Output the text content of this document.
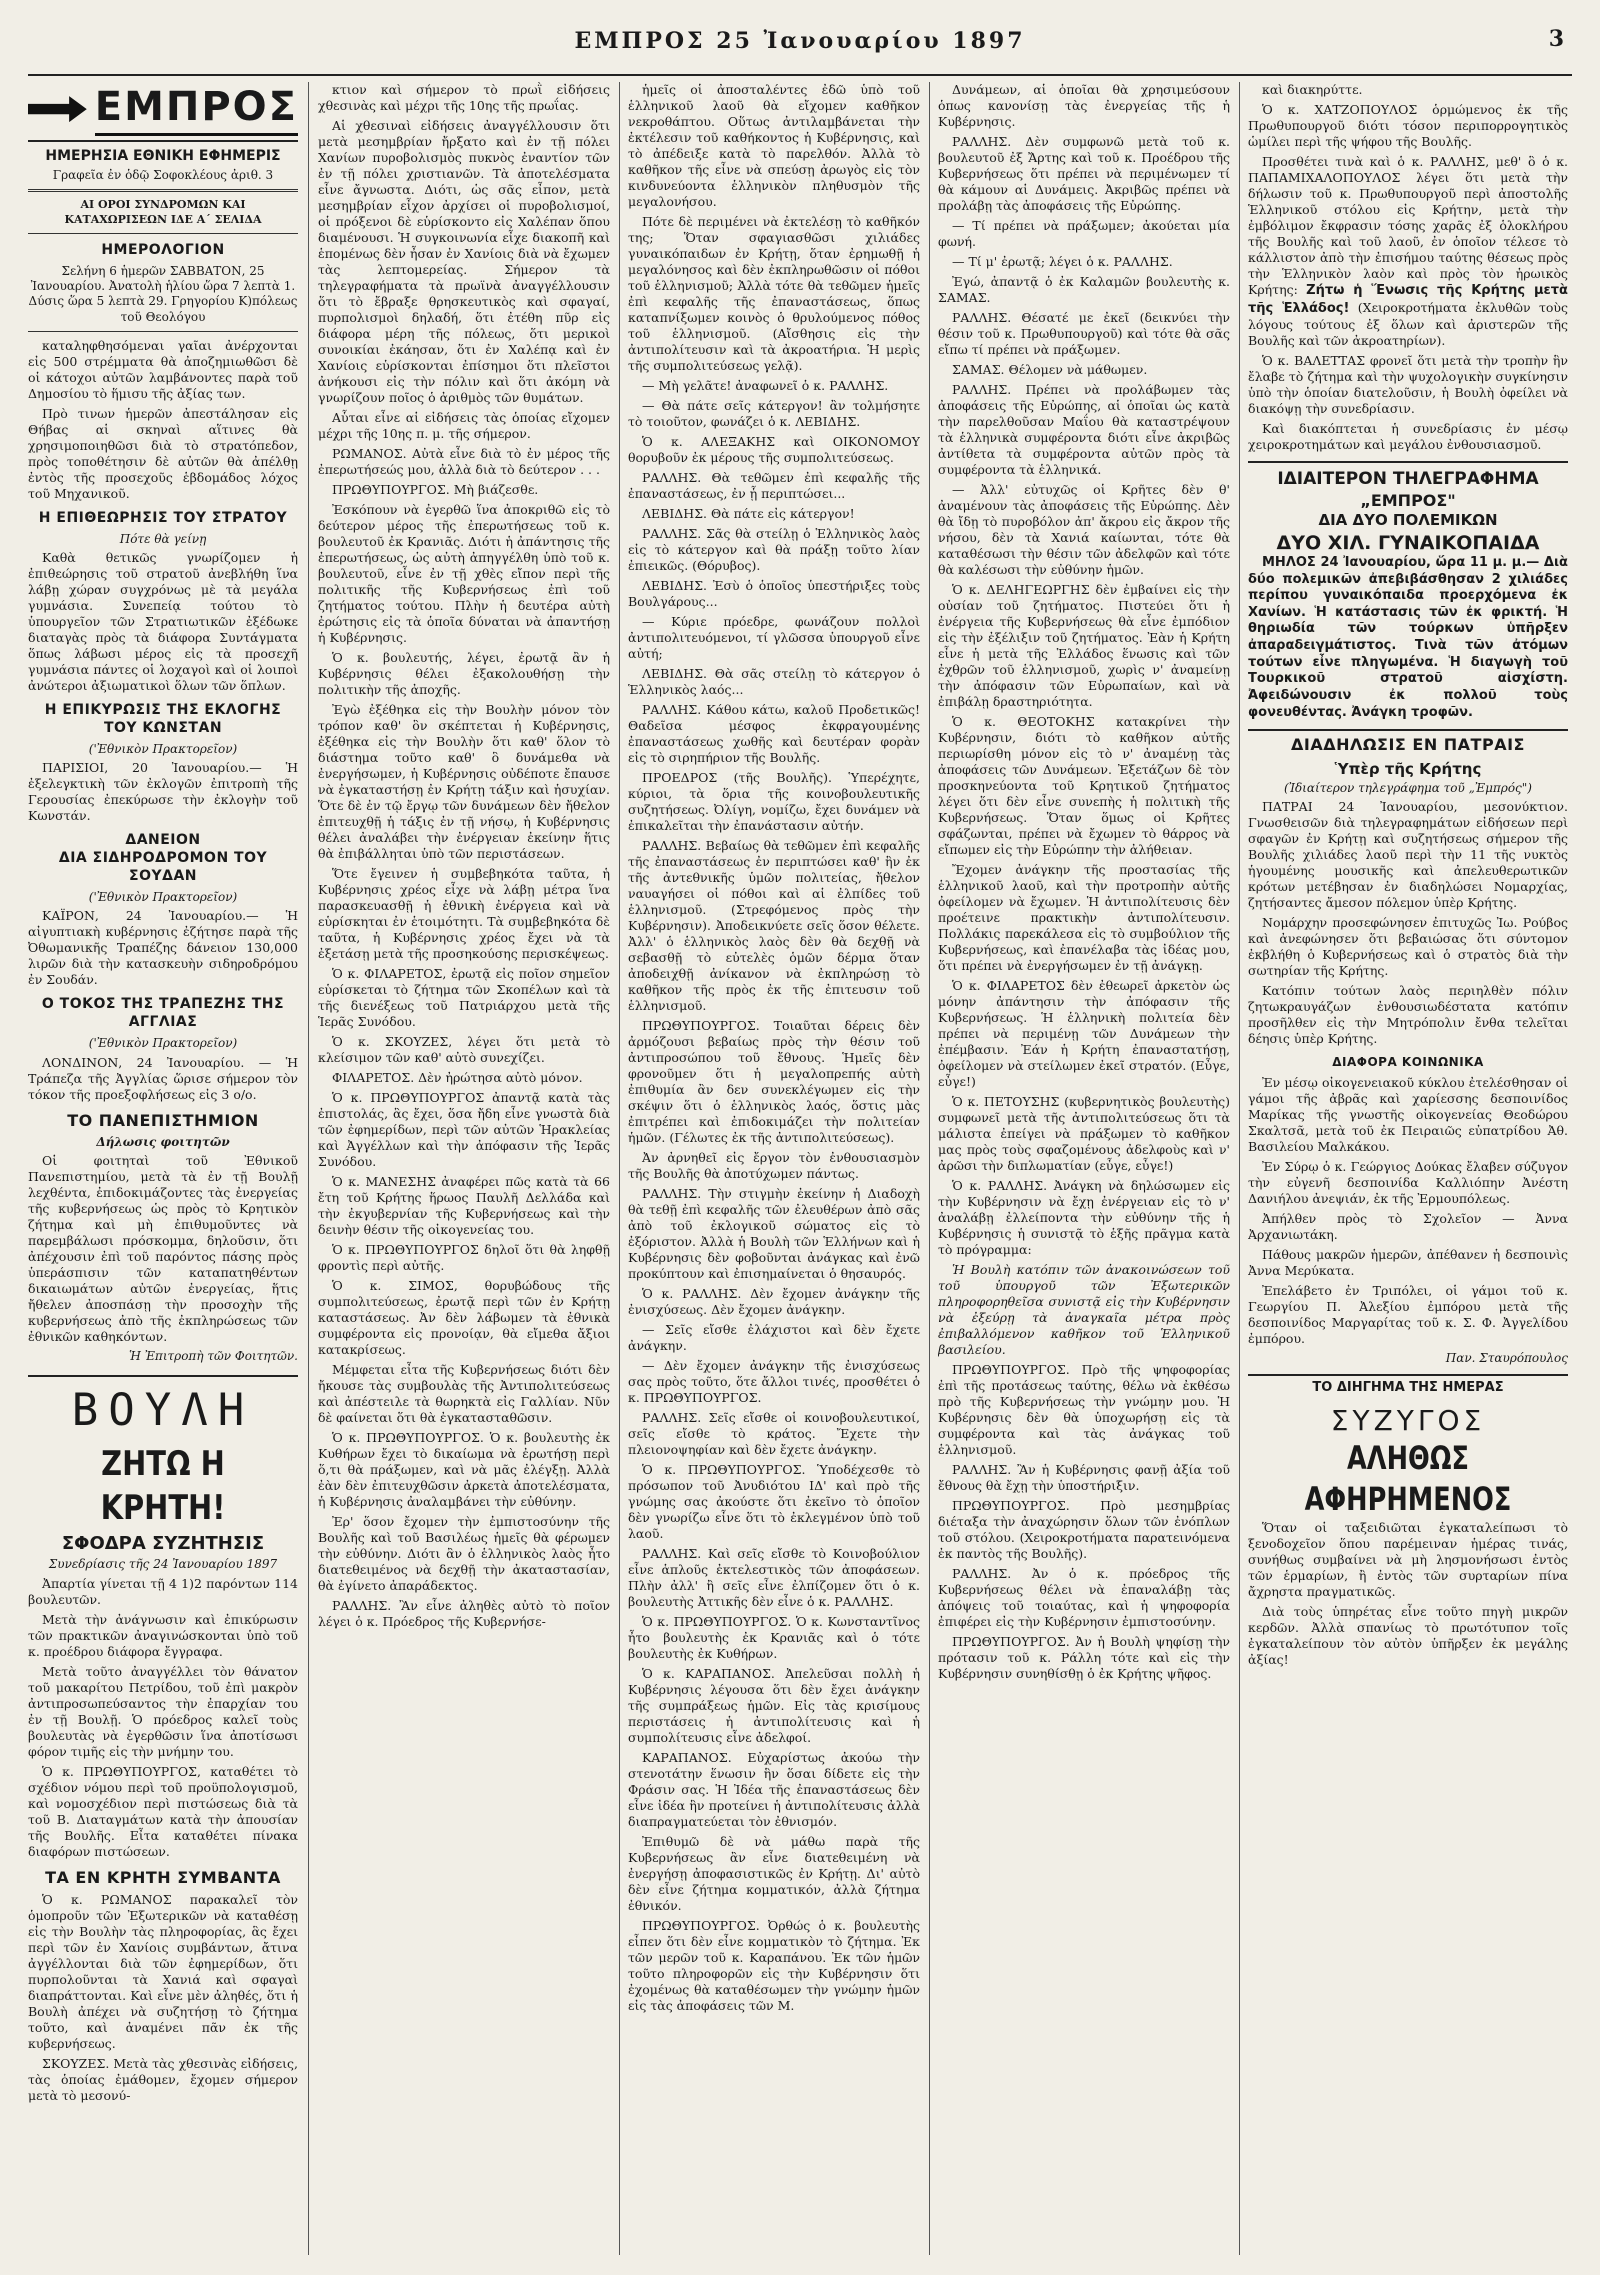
ΕΜΠΡΟΣ 25 Ἰανουαρίου 1897	3
ΕΜΠΡΟΣ
ΗΜΕΡΗΣΙΑ ΕΘΝΙΚΗ ΕΦΗΜΕΡΙΣ
Γραφεῖα ἐν ὁδῷ Σοφοκλέους ἀριθ. 3
ΑΙ ΟΡΟΙ ΣΥΝΔΡΟΜΩΝ ΚΑΙ ΚΑΤΑΧΩΡΙΣΕΩΝ ΙΔΕ Α΄ ΣΕΛΙΔΑ
ΗΜΕΡΟΛΟΓΙΟΝ
Σελήνη 6 ἡμερῶν ΣΑΒΒΑΤΟΝ, 25 Ἰανουαρίου. Ἀνατολὴ ἡλίου ὥρα 7 λεπτὰ 1. Δύσις ὥρα 5 λεπτὰ 29. Γρηγορίου Κ)πόλεως τοῦ Θεολόγου

καταληφθησόμεναι γαῖαι ἀνέρχονται εἰς 500 στρέμματα θὰ ἀποζημιωθῶσι δὲ οἱ κάτοχοι αὐτῶν λαμβάνοντες παρὰ τοῦ Δημοσίου τὸ ἥμισυ τῆς ἀξίας των.

Πρὸ τινων ἡμερῶν ἀπεστάλησαν εἰς Θήβας αἱ σκηναὶ αἵτινες θὰ χρησιμοποιηθῶσι διὰ τὸ στρατόπεδον, πρὸς τοποθέτησιν δὲ αὐτῶν θὰ ἀπέλθῃ ἐντὸς τῆς προσεχοῦς ἑβδομάδος λόχος τοῦ Μηχανικοῦ.

Η ΕΠΙΘΕΩΡΗΣΙΣ ΤΟΥ ΣΤΡΑΤΟΥ
Πότε θὰ γείνῃ

Καθὰ θετικῶς γνωρίζομεν ἡ ἐπιθεώρησις τοῦ στρατοῦ ἀνεβλήθη ἵνα λάβῃ χώραν συγχρόνως μὲ τὰ μεγάλα γυμνάσια. Συνεπείᾳ τούτου τὸ ὑπουργεῖον τῶν Στρατιωτικῶν ἐξέδωκε διαταγὰς πρὸς τὰ διάφορα Συντάγματα ὅπως λάβωσι μέρος εἰς τὰ προσεχῆ γυμνάσια πάντες οἱ λοχαγοὶ καὶ οἱ λοιποὶ ἀνώτεροι ἀξιωματικοὶ ὅλων τῶν ὅπλων.

Η ΕΠΙΚΥΡΩΣΙΣ ΤΗΣ ΕΚΛΟΓΗΣ ΤΟΥ ΚΩΝΣΤΑΝ
('Ἐθνικὸν Πρακτορεῖον)

ΠΑΡΙΣΙΟΙ, 20 Ἰανουαρίου.— Ἡ ἐξελεγκτικὴ τῶν ἐκλογῶν ἐπιτροπὴ τῆς Γερουσίας ἐπεκύρωσε τὴν ἐκλογὴν τοῦ Κωνστάν.

ΔΑΝΕΙΟΝ
ΔΙΑ ΣΙΔΗΡΟΔΡΟΜΟΝ ΤΟΥ ΣΟΥΔΑΝ
('Ἐθνικὸν Πρακτορεῖον)

ΚΑΪΡΟΝ, 24 Ἰανουαρίου.— Ἡ αἰγυπτιακὴ κυβέρνησις ἐζήτησε παρὰ τῆς Ὀθωμανικῆς Τραπέζης δάνειον 130,000 λιρῶν διὰ τὴν κατασκευὴν σιδηροδρόμου ἐν Σουδάν.

Ο ΤΟΚΟΣ ΤΗΣ ΤΡΑΠΕΖΗΣ ΤΗΣ ΑΓΓΛΙΑΣ
('Ἐθνικὸν Πρακτορεῖον)

ΛΟΝΔΙΝΟΝ, 24 Ἰανουαρίου. — Ἡ Τράπεζα τῆς Ἀγγλίας ὥρισε σήμερον τὸν τόκον τῆς προεξοφλήσεως εἰς 3 ο/ο.

ΤΟ ΠΑΝΕΠΙΣΤΗΜΙΟΝ
Δήλωσις φοιτητῶν

Οἱ φοιτηταὶ τοῦ Ἐθνικοῦ Πανεπιστημίου, μετὰ τὰ ἐν τῇ Βουλῇ λεχθέντα, ἐπιδοκιμάζοντες τὰς ἐνεργείας τῆς κυβερνήσεως ὡς πρὸς τὸ Κρητικὸν ζήτημα καὶ μὴ ἐπιθυμοῦντες νὰ παρεμβάλωσι πρόσκομμα, δηλοῦσιν, ὅτι ἀπέχουσιν ἐπὶ τοῦ παρόντος πάσης πρὸς ὑπεράσπισιν τῶν καταπατηθέντων δικαιωμάτων αὐτῶν ἐνεργείας, ἥτις ἤθελεν ἀποσπάσῃ τὴν προσοχὴν τῆς κυβερνήσεως ἀπὸ τῆς ἐκπληρώσεως τῶν ἐθνικῶν καθηκόντων.

Ἡ Ἐπιτροπὴ τῶν Φοιτητῶν.
ΒΟΥΛΗ
ΖΗΤΩ Η ΚΡΗΤΗ!
ΣΦΟΔΡΑ ΣΥΖΗΤΗΣΙΣ
Συνεδρίασις τῆς 24 Ἰανουαρίου 1897

Ἀπαρτία γίνεται τῇ 4 1)2 παρόντων 114 βουλευτῶν.

Μετὰ τὴν ἀνάγνωσιν καὶ ἐπικύρωσιν τῶν πρακτικῶν ἀναγινώσκονται ὑπὸ τοῦ κ. προέδρου διάφορα ἔγγραφα.

Μετὰ τοῦτο ἀναγγέλλει τὸν θάνατον τοῦ μακαρίτου Πετρίδου, τοῦ ἐπὶ μακρὸν ἀντιπροσωπεύσαντος τὴν ἐπαρχίαν του ἐν τῇ Βουλῇ. Ὁ πρόεδρος καλεῖ τοὺς βουλευτὰς νὰ ἐγερθῶσιν ἵνα ἀποτίσωσι φόρον τιμῆς εἰς τὴν μνήμην του.

Ὁ κ. ΠΡΩΘΥΠΟΥΡΓΟΣ, καταθέτει τὸ σχέδιον νόμου περὶ τοῦ προϋπολογισμοῦ, καὶ νομοσχέδιον περὶ πιστώσεως διὰ τὰ τοῦ Β. Διαταγμάτων κατὰ τὴν ἀπουσίαν τῆς Βουλῆς. Εἶτα καταθέτει πίνακα διαφόρων πιστώσεων.

ΤΑ ΕΝ ΚΡΗΤΗ ΣΥΜΒΑΝΤΑ

Ὁ κ. ΡΩΜΑΝΟΣ παρακαλεῖ τὸν ὁμοπροῦν τῶν Ἐξωτερικῶν νὰ καταθέσῃ εἰς τὴν Βουλὴν τὰς πληροφορίας, ἃς ἔχει περὶ τῶν ἐν Χανίοις συμβάντων, ἄτινα ἀγγέλλονται διὰ τῶν ἐφημερίδων, ὅτι πυρπολοῦνται τὰ Χανιά καὶ σφαγαὶ διαπράττονται. Καὶ εἶνε μὲν ἀληθές, ὅτι ἡ Βουλὴ ἀπέχει νὰ συζητήσῃ τὸ ζήτημα τοῦτο, καὶ ἀναμένει πᾶν ἐκ τῆς κυβερνήσεως.

ΣΚΟΥΖΕΣ. Μετὰ τὰς χθεσινὰς εἰδήσεις, τὰς ὁποίας ἐμάθομεν, ἔχομεν σήμερον μετὰ τὸ μεσονύ-

κτιον καὶ σήμερον τὸ πρωῒ εἰδήσεις χθεσινὰς καὶ μέχρι τῆς 10ης τῆς πρωΐας.

Αἱ χθεσιναὶ εἰδήσεις ἀναγγέλλουσιν ὅτι μετὰ μεσημβρίαν ἤρξατο καὶ ἐν τῇ πόλει Χανίων πυροβολισμὸς πυκνὸς ἐναντίον τῶν ἐν τῇ πόλει χριστιανῶν. Τὰ ἀποτελέσματα εἶνε ἄγνωστα. Διότι, ὡς σᾶς εἶπον, μετὰ μεσημβρίαν εἶχον ἀρχίσει οἱ πυροβολισμοί, οἱ πρόξενοι δὲ εὑρίσκοντο εἰς Χαλέπαν ὅπου διαμένουσι. Ἡ συγκοινωνία εἶχε διακοπῆ καὶ ἑπομένως δὲν ἦσαν ἐν Χανίοις διὰ νὰ ἔχωμεν τὰς λεπτομερείας. Σήμερον τὰ τηλεγραφήματα τὰ πρωϊνὰ ἀναγγέλλουσιν ὅτι τὸ ἔβραξε θρησκευτικὸς καὶ σφαγαί, πυρπολισμοὶ δηλαδή, ὅτι ἐτέθη πῦρ εἰς διάφορα μέρη τῆς πόλεως, ὅτι μερικοὶ συνοικίαι ἐκάησαν, ὅτι ἐν Χαλέπᾳ καὶ ἐν Χανίοις εὑρίσκονται ἐπίσημοι ὅτι πλεῖστοι ἀνήκουσι εἰς τὴν πόλιν καὶ ὅτι ἀκόμη νὰ γνωρίζουν ποῖος ὁ ἀριθμὸς τῶν θυμάτων.

Αὗται εἶνε αἱ εἰδήσεις τὰς ὁποίας εἴχομεν μέχρι τῆς 10ης π. μ. τῆς σήμερον.

ΡΩΜΑΝΟΣ. Αὐτὰ εἶνε διὰ τὸ ἐν μέρος τῆς ἐπερωτήσεώς μου, ἀλλὰ διὰ τὸ δεύτερον . . .

ΠΡΩΘΥΠΟΥΡΓΟΣ. Μὴ βιάζεσθε.

Ἐσκόπουν νὰ ἐγερθῶ ἵνα ἀποκριθῶ εἰς τὸ δεύτερον μέρος τῆς ἐπερωτήσεως τοῦ κ. βουλευτοῦ ἐκ Κρανιᾶς. Διότι ἡ ἀπάντησις τῆς ἐπερωτήσεως, ὡς αὐτὴ ἀπηγγέλθη ὑπὸ τοῦ κ. βουλευτοῦ, εἶνε ἐν τῇ χθὲς εἴπον περὶ τῆς πολιτικῆς τῆς Κυβερνήσεως ἐπὶ τοῦ ζητήματος τούτου. Πλὴν ἡ δευτέρα αὐτὴ ἐρώτησις εἰς τὰ ὁποῖα δύναται νὰ ἀπαντήσῃ ἡ Κυβέρνησις.

Ὁ κ. βουλευτής, λέγει, ἐρωτᾷ ἂν ἡ Κυβέρνησις θέλει ἐξακολουθήσῃ τὴν πολιτικὴν τῆς ἀποχῆς.

Ἐγὼ ἐξέθηκα εἰς τὴν Βουλὴν μόνον τὸν τρόπον καθ' ὃν σκέπτεται ἡ Κυβέρνησις, ἐξέθηκα εἰς τὴν Βουλὴν ὅτι καθ' ὅλον τὸ διάστημα τοῦτο καθ' ὃ δυνάμεθα νὰ ἐνεργήσωμεν, ἡ Κυβέρνησις οὐδέποτε ἔπαυσε νὰ ἐγκαταστήσῃ ἐν Κρήτῃ τάξιν καὶ ἡσυχίαν. Ὅτε δὲ ἐν τῷ ἔργῳ τῶν δυνάμεων δὲν ἤθελον ἐπιτευχθῇ ἡ τάξις ἐν τῇ νήσῳ, ἡ Κυβέρνησις θέλει ἀναλάβει τὴν ἐνέργειαν ἐκείνην ἥτις θὰ ἐπιβάλληται ὑπὸ τῶν περιστάσεων.

Ὅτε ἔγεινεν ἡ συμβεβηκότα ταῦτα, ἡ Κυβέρνησις χρέος εἶχε νὰ λάβῃ μέτρα ἵνα παρασκευασθῇ ἡ ἐθνικὴ ἐνέργεια καὶ νὰ εὑρίσκηται ἐν ἑτοιμότητι. Τὰ συμβεβηκότα δὲ ταῦτα, ἡ Κυβέρνησις χρέος ἔχει νὰ τὰ ἐξετάσῃ μετὰ τῆς προσηκούσης περισκέψεως.

Ὁ κ. ΦΙΛΑΡΕΤΟΣ, ἐρωτᾷ εἰς ποῖον σημεῖον εὑρίσκεται τὸ ζήτημα τῶν Σκοπέλων καὶ τὰ τῆς διενέξεως τοῦ Πατριάρχου μετὰ τῆς Ἱερᾶς Συνόδου.

Ὁ κ. ΣΚΟΥΖΕΣ, λέγει ὅτι μετὰ τὸ κλείσιμον τῶν καθ' αὐτὸ συνεχίζει.

ΦΙΛΑΡΕΤΟΣ. Δὲν ἠρώτησα αὐτὸ μόνον.

Ὁ κ. ΠΡΩΘΥΠΟΥΡΓΟΣ ἀπαντᾷ κατὰ τὰς ἐπιστολάς, ἃς ἔχει, ὅσα ἤδη εἶνε γνωστὰ διὰ τῶν ἐφημερίδων, περὶ τῶν αὐτῶν Ἡρακλείας καὶ Ἀγγέλλων καὶ τὴν ἀπόφασιν τῆς Ἱερᾶς Συνόδου.

Ὁ κ. ΜΑΝΕΣΗΣ ἀναφέρει πῶς κατὰ τὰ 66 ἔτη τοῦ Κρήτης ἥρωος Παυλῆ Δελλάδα καὶ τὴν ἐκγυβερνίαν τῆς Κυβερνήσεως καὶ τὴν δεινὴν θέσιν τῆς οἰκογενείας του.

Ὁ κ. ΠΡΩΘΥΠΟΥΡΓΟΣ δηλοῖ ὅτι θὰ ληφθῇ φροντὶς περὶ αὐτῆς.

Ὁ κ. ΣΙΜΟΣ, θορυβώδους τῆς συμπολιτεύσεως, ἐρωτᾷ περὶ τῶν ἐν Κρήτῃ καταστάσεως. Ἀν δὲν λάβωμεν τὰ ἐθνικὰ συμφέροντα εἰς προνοίᾳν, θὰ εἴμεθα ἄξιοι κατακρίσεως.

Μέμφεται εἶτα τῆς Κυβερνήσεως διότι δὲν ἤκουσε τὰς συμβουλὰς τῆς Ἀντιπολιτεύσεως καὶ ἀπέστειλε τὰ θωρηκτὰ εἰς Γαλλίαν. Νῦν δὲ φαίνεται ὅτι θὰ ἐγκατασταθῶσιν.

Ὁ κ. ΠΡΩΘΥΠΟΥΡΓΟΣ. Ὁ κ. βουλευτὴς ἐκ Κυθήρων ἔχει τὸ δικαίωμα νὰ ἐρωτήσῃ περὶ ὅ,τι θὰ πράξωμεν, καὶ νὰ μᾶς ἐλέγξῃ. Ἀλλὰ ἐὰν δὲν ἐπιτευχθῶσιν ἀρκετὰ ἀποτελέσματα, ἡ Κυβέρνησις ἀναλαμβάνει τὴν εὐθύνην.

Ἐρ' ὅσον ἔχομεν τὴν ἐμπιστοσύνην τῆς Βουλῆς καὶ τοῦ Βασιλέως ἡμεῖς θὰ φέρωμεν τὴν εὐθύνην. Διότι ἂν ὁ ἑλληνικὸς λαὸς ἦτο διατεθειμένος νὰ δεχθῇ τὴν ἀκαταστασίαν, θὰ ἐγίνετο ἀπαράδεκτος.

ΡΑΛΛΗΣ. Ἂν εἶνε ἀληθὲς αὐτὸ τὸ ποῖον λέγει ὁ κ. Πρόεδρος τῆς Κυβερνήσε-

ἡμεῖς οἱ ἀποσταλέντες ἐδῶ ὑπὸ τοῦ ἑλληνικοῦ λαοῦ θὰ εἴχομεν καθῆκον νεκροθάπτου. Οὕτως ἀντιλαμβάνεται τὴν ἐκτέλεσιν τοῦ καθήκοντος ἡ Κυβέρνησις, καὶ τὸ ἀπέδειξε κατὰ τὸ παρελθόν. Ἀλλὰ τὸ καθῆκον τῆς εἶνε νὰ σπεύσῃ ἀρωγὸς εἰς τὸν κινδυνεύοντα ἑλληνικὸν πληθυσμὸν τῆς μεγαλονήσου.

Πότε δὲ περιμένει νὰ ἐκτελέσῃ τὸ καθῆκόν της; Ὅταν σφαγιασθῶσι χιλιάδες γυναικόπαιδων ἐν Κρήτῃ, ὅταν ἐρημωθῇ ἡ μεγαλόνησος καὶ δὲν ἐκπληρωθῶσιν οἱ πόθοι τοῦ ἑλληνισμοῦ; Ἀλλὰ τότε θὰ τεθῶμεν ἡμεῖς ἐπὶ κεφαλῆς τῆς ἐπαναστάσεως, ὅπως καταπνίξωμεν κοινὸς ὁ θρυλούμενος πόθος τοῦ ἑλληνισμοῦ. (Αἴσθησις εἰς τὴν ἀντιπολίτευσιν καὶ τὰ ἀκροατήρια. Ἡ μερὶς τῆς συμπολιτεύσεως γελᾷ).

— Μὴ γελᾶτε! ἀναφωνεῖ ὁ κ. ΡΑΛΛΗΣ.

— Θὰ πάτε σεῖς κάτεργον! ἂν τολμήσητε τὸ τοιοῦτον, φωνάζει ὁ κ. ΛΕΒΙΔΗΣ.

Ὁ κ. ΑΛΕΞΑΚΗΣ καὶ ΟΙΚΟΝΟΜΟΥ θορυβοῦν ἐκ μέρους τῆς συμπολιτεύσεως.

ΡΑΛΛΗΣ. Θὰ τεθῶμεν ἐπὶ κεφαλῆς τῆς ἐπαναστάσεως, ἐν ᾗ περιπτώσει...

ΛΕΒΙΔΗΣ. Θὰ πάτε εἰς κάτεργον!

ΡΑΛΛΗΣ. Σᾶς θὰ στείλῃ ὁ Ἑλληνικὸς λαὸς εἰς τὸ κάτεργον καὶ θὰ πράξῃ τοῦτο λίαν ἐπιεικῶς. (Θόρυβος).

ΛΕΒΙΔΗΣ. Ἐσὺ ὁ ὁποῖος ὑπεστήριξες τοὺς Βουλγάρους...

— Κύριε πρόεδρε, φωνάζουν πολλοὶ ἀντιπολιτευόμενοι, τί γλῶσσα ὑπουργοῦ εἶνε αὐτή;

ΛΕΒΙΔΗΣ. Θὰ σᾶς στείλῃ τὸ κάτεργον ὁ Ἑλληνικὸς λαός...

ΡΑΛΛΗΣ. Κάθου κάτω, καλοῦ Προδετικῶς! Θαδεῖσα μέσφος ἐκφραγουμένης ἐπαναστάσεως χωθῆς καὶ δευτέραν φορὰν εἰς τὸ σιρηπήριον τῆς Βουλῆς.

ΠΡΟΕΔΡΟΣ (τῆς Βουλῆς). Ὑπερέχητε, κύριοι, τὰ ὅρια τῆς κοινοβουλευτικῆς συζητήσεως. Ὀλίγη, νομίζω, ἔχει δυνάμεν νὰ ἐπικαλεῖται τὴν ἐπανάστασιν αὐτήν.

ΡΑΛΛΗΣ. Βεβαίως θὰ τεθῶμεν ἐπὶ κεφαλῆς τῆς ἐπαναστάσεως ἐν περιπτώσει καθ' ἣν ἐκ τῆς ἀντεθνικῆς ὑμῶν πολιτείας, ἤθελον ναυαγήσει οἱ πόθοι καὶ αἱ ἐλπίδες τοῦ ἑλληνισμοῦ. (Στρεφόμενος πρὸς τὴν Κυβέρνησιν). Ἀποδεικνύετε σεῖς ὅσον θέλετε. Ἀλλ' ὁ ἑλληνικὸς λαὸς δὲν θὰ δεχθῇ νὰ σεβασθῇ τὸ εὐτελὲς ὁμῶν δέρμα ὅταν ἀποδειχθῇ ἀνίκανον νὰ ἐκπληρώσῃ τὸ καθῆκον τῆς πρὸς ἐκ τῆς ἐπιτευσιν τοῦ ἑλληνισμοῦ.

ΠΡΩΘΥΠΟΥΡΓΟΣ. Τοιαῦται δέρεις δὲν ἀρμόζουσι βεβαίως πρὸς τὴν θέσιν τοῦ ἀντιπροσώπου τοῦ ἔθνους. Ἡμεῖς δὲν φρονοῦμεν ὅτι ἡ μεγαλοπρεπής αὐτὴ ἐπιθυμία ἂν δεν συνεκλέγωμεν εἰς τὴν σκέψιν ὅτι ὁ ἑλληνικὸς λαός, ὅστις μὰς ἐπιτρέπει καὶ ἐπιδοκιμάζει τὴν πολιτείαν ἡμῶν. (Γέλωτες ἐκ τῆς ἀντιπολιτεύσεως).

Ἀν ἀρνηθεῖ εἰς ἔργον τὸν ἐνθουσιασμὸν τῆς Βουλῆς θὰ ἀποτύχωμεν πάντως.

ΡΑΛΛΗΣ. Τὴν στιγμὴν ἐκείνην ἡ Διαδοχὴ θὰ τεθῇ ἐπὶ κεφαλῆς τῶν ἐλευθέρων ἀπὸ σᾶς ἀπὸ τοῦ ἐκλογικοῦ σώματος εἰς τὸ ἐξόριστον. Ἀλλὰ ἡ Βουλὴ τῶν Ἑλλήνων καὶ ἡ Κυβέρνησις δὲν φοβοῦνται ἀνάγκας καὶ ἐνῶ προκύπτουν καὶ ἐπισημαίνεται ὁ θησαυρός.

Ὁ κ. ΡΑΛΛΗΣ. Δὲν ἔχομεν ἀνάγκην τῆς ἐνισχύσεως. Δὲν ἔχομεν ἀνάγκην.

— Σεῖς εἴσθε ἐλάχιστοι καὶ δὲν ἔχετε ἀνάγκην.

— Δὲν ἔχομεν ἀνάγκην τῆς ἐνισχύσεως σας πρὸς τοῦτο, ὅτε ἄλλοι τινές, προσθέτει ὁ κ. ΠΡΩΘΥΠΟΥΡΓΟΣ.

ΡΑΛΛΗΣ. Σεῖς εἴσθε οἱ κοινοβουλευτικοί, σεῖς εἴσθε τὸ κράτος. Ἔχετε τὴν πλειονοψηφίαν καὶ δὲν ἔχετε ἀνάγκην.

Ὁ κ. ΠΡΩΘΥΠΟΥΡΓΟΣ. Ὑποδέχεσθε τὸ πρόσωπον τοῦ Ἀνυδιότου ΙΔ' καὶ πρὸ τῆς γνώμης σας ἀκούστε ὅτι ἐκεῖνο τὸ ὁποῖον δὲν γνωρίζω εἶνε ὅτι τὸ ἐκλεγμένον ὑπὸ τοῦ λαοῦ.

ΡΑΛΛΗΣ. Καὶ σεῖς εἴσθε τὸ Κοινοβούλιον εἶνε ἁπλοῦς ἐκτελεστικὸς τῶν ἀποφάσεων. Πλὴν ἀλλ' ἢ σεῖς εἶνε ἐλπίζομεν ὅτι ὁ κ. βουλευτὴς Ἀττικῆς δὲν εἶνε ὁ κ. ΡΑΛΛΗΣ.

Ὁ κ. ΠΡΩΘΥΠΟΥΡΓΟΣ. Ὁ κ. Κωνσταντῖνος ἦτο βουλευτὴς ἐκ Κρανιᾶς καὶ ὁ τότε βουλευτὴς ἐκ Κυθήρων.

Ὁ κ. ΚΑΡΑΠΑΝΟΣ. Ἀπελεῦσαι πολλὴ ἡ Κυβέρνησις λέγουσα ὅτι δὲν ἔχει ἀνάγκην τῆς συμπράξεως ἡμῶν. Εἰς τὰς κρισίμους περιστάσεις ἡ ἀντιπολίτευσις καὶ ἡ συμπολίτευσις εἶνε ἀδελφοί.

ΚΑΡΑΠΑΝΟΣ. Εὐχαρίστως ἀκούω τὴν στενοτάτην ἕνωσιν ἣν ὅσαι δίδετε εἰς τὴν Φράσιν σας. Ἡ Ἰδέα τῆς ἐπαναστάσεως δὲν εἶνε ἰδέα ἣν προτείνει ἡ ἀντιπολίτευσις ἀλλὰ διαπραγματεύεται τὸν ἐθνισμόν.

Ἐπιθυμῶ δὲ νὰ μάθω παρὰ τῆς Κυβερνήσεως ἂν εἶνε διατεθειμένη νὰ ἐνεργήσῃ ἀποφασιστικῶς ἐν Κρήτῃ. Δι' αὐτὸ δὲν εἶνε ζήτημα κομματικόν, ἀλλὰ ζήτημα ἐθνικόν.

ΠΡΩΘΥΠΟΥΡΓΟΣ. Ὀρθώς ὁ κ. βουλευτὴς εἶπεν ὅτι δὲν εἶνε κομματικὸν τὸ ζήτημα. Ἐκ τῶν μερῶν τοῦ κ. Καραπάνου. Ἐκ τῶν ἡμῶν τοῦτο πληροφορῶν εἰς τὴν Κυβέρνησιν ὅτι ἐχομένως θὰ καταθέσωμεν τὴν γνώμην ἡμῶν εἰς τὰς ἀποφάσεις τῶν Μ.

Δυνάμεων, αἱ ὁποῖαι θὰ χρησιμεύσουν ὁπως κανονίσῃ τὰς ἐνεργείας τῆς ἡ Κυβέρνησις.

ΡΑΛΛΗΣ. Δὲν συμφωνῶ μετὰ τοῦ κ. βουλευτοῦ ἐξ Ἄρτης καὶ τοῦ κ. Προέδρου τῆς Κυβερνήσεως ὅτι πρέπει νὰ περιμένωμεν τί θὰ κάμουν αἱ Δυνάμεις. Ἀκριβῶς πρέπει νὰ προλάβῃ τὰς ἀποφάσεις τῆς Εὐρώπης.

— Τί πρέπει νὰ πράξωμεν; ἀκούεται μία φωνή.

— Τί μ' ἐρωτᾷ; λέγει ὁ κ. ΡΑΛΛΗΣ.

Ἐγώ, ἀπαντᾷ ὁ ἐκ Καλαμῶν βουλευτὴς κ. ΣΑΜΑΣ.

ΡΑΛΛΗΣ. Θέσατέ με ἐκεῖ (δεικνύει τὴν θέσιν τοῦ κ. Πρωθυπουργοῦ) καὶ τότε θὰ σᾶς εἴπω τί πρέπει νὰ πράξωμεν.

ΣΑΜΑΣ. Θέλομεν νὰ μάθωμεν.

ΡΑΛΛΗΣ. Πρέπει νὰ προλάβωμεν τὰς ἀποφάσεις τῆς Εὐρώπης, αἱ ὁποῖαι ὡς κατὰ τὴν παρελθοῦσαν Μαΐου θὰ καταστρέψουν τὰ ἑλληνικὰ συμφέροντα διότι εἶνε ἀκριβῶς ἀντίθετα τὰ συμφέροντα αὐτῶν πρὸς τὰ συμφέροντα τὰ ἑλληνικά.

— Ἀλλ' εὐτυχῶς οἱ Κρῆτες δὲν θ' ἀναμένουν τὰς ἀποφάσεις τῆς Εὐρώπης. Δὲν θὰ ἴδῃ τὸ πυροβόλον ἀπ' ἄκρου εἰς ἄκρον τῆς νήσου, δὲν τὰ Χανιά καίωνται, τότε θὰ καταθέσωσι τὴν θέσιν τῶν ἀδελφῶν καὶ τότε θὰ καλέσωσι τὴν εὐθύνην ἡμῶν.

Ὁ κ. ΔΕΛΗΓΕΩΡΓΗΣ δὲν ἐμβαίνει εἰς τὴν οὐσίαν τοῦ ζητήματος. Πιστεύει ὅτι ἡ ἐνέργεια τῆς Κυβερνήσεως θὰ εἶνε ἐμπόδιον εἰς τὴν ἐξέλιξιν τοῦ ζητήματος. Ἐὰν ἡ Κρήτη εἶνε ἡ μετὰ τῆς Ἑλλάδος ἕνωσις καὶ τῶν ἐχθρῶν τοῦ ἑλληνισμοῦ, χωρὶς ν' ἀναμείνῃ τὴν ἀπόφασιν τῶν Εὐρωπαίων, καὶ νὰ ἐπιβάλῃ δραστηριότητα.

Ὁ κ. ΘΕΟΤΟΚΗΣ κατακρίνει τὴν Κυβέρνησιν, διότι τὸ καθῆκον αὐτῆς περιωρίσθη μόνον εἰς τὸ ν' ἀναμένῃ τὰς ἀποφάσεις τῶν Δυνάμεων. Ἐξετάζων δὲ τὸν προσκηνεύοντα τοῦ Κρητικοῦ ζητήματος λέγει ὅτι δὲν εἶνε συνεπὴς ἡ πολιτικὴ τῆς Κυβερνήσεως. Ὅταν ὅμως οἱ Κρῆτες σφάζωνται, πρέπει νὰ ἔχωμεν τὸ θάρρος νὰ εἴπωμεν εἰς τὴν Εὐρώπην τὴν ἀλήθειαν.

Ἔχομεν ἀνάγκην τῆς προστασίας τῆς ἑλληνικοῦ λαοῦ, καὶ τὴν προτροπὴν αὐτῆς ὀφείλομεν νὰ ἔχωμεν. Ἡ ἀντιπολίτευσις δὲν προέτεινε πρακτικὴν ἀντιπολίτευσιν. Πολλάκις παρεκάλεσα εἰς τὸ συμβούλιον τῆς Κυβερνήσεως, καὶ ἐπανέλαβα τὰς ἰδέας μου, ὅτι πρέπει νὰ ἐνεργήσωμεν ἐν τῇ ἀνάγκῃ.

Ὁ κ. ΦΙΛΑΡΕΤΟΣ δὲν ἐθεωρεῖ ἀρκετὸν ὡς μόνην ἀπάντησιν τὴν ἀπόφασιν τῆς Κυβερνήσεως. Ἡ ἑλληνικὴ πολιτεία δὲν πρέπει νὰ περιμένῃ τῶν Δυνάμεων τὴν ἐπέμβασιν. Ἐάν ἡ Κρήτη ἐπαναστατήσῃ, ὀφείλομεν νὰ στείλωμεν ἐκεῖ στρατόν. (Εὖγε, εὖγε!)

Ὁ κ. ΠΕΤΟΥΣΗΣ (κυβερνητικὸς βουλευτὴς) συμφωνεῖ μετὰ τῆς ἀντιπολιτεύσεως ὅτι τὰ μάλιστα ἐπείγει νὰ πράξωμεν τὸ καθῆκον μας πρὸς τοὺς σφαζομένους ἀδελφοὺς καὶ ν' ἀρῶσι τὴν διπλωματίαν (εὖγε, εὖγε!)

Ὁ κ. ΡΑΛΛΗΣ. Ἀνάγκη νὰ δηλώσωμεν εἰς τὴν Κυβέρνησιν νὰ ἔχῃ ἐνέργειαν εἰς τὸ ν' ἀναλάβῃ ἐλλείποντα τὴν εὐθύνην τῆς ἡ Κυβέρνησις ἡ συνιστᾷ τὸ ἑξῆς πρᾶγμα κατὰ τὸ πρόγραμμα:

Ἡ Βουλὴ κατόπιν τῶν ἀνακοινώσεων τοῦ τοῦ ὑπουργοῦ τῶν Ἐξωτερικῶν πληροφορηθεῖσα συνιστᾷ εἰς τὴν Κυβέρνησιν νὰ ἐξεύρῃ τὰ ἀναγκαῖα μέτρα πρὸς ἐπιβαλλόμενον καθῆκον τοῦ Ἑλληνικοῦ βασιλείου.

ΠΡΩΘΥΠΟΥΡΓΟΣ. Πρὸ τῆς ψηφοφορίας ἐπὶ τῆς προτάσεως ταύτης, θέλω νὰ ἐκθέσω πρὸ τῆς Κυβερνήσεως τὴν γνώμην μου. Ἡ Κυβέρνησις δὲν θὰ ὑποχωρήσῃ εἰς τὰ συμφέροντα καὶ τὰς ἀνάγκας τοῦ ἑλληνισμοῦ.

ΡΑΛΛΗΣ. Ἂν ἡ Κυβέρνησις φανῇ ἀξία τοῦ ἔθνους θὰ ἔχῃ τὴν ὑποστήριξιν.

ΠΡΩΘΥΠΟΥΡΓΟΣ. Πρὸ μεσημβρίας διέταξα τὴν ἀναχώρησιν ὅλων τῶν ἐνόπλων τοῦ στόλου. (Χειροκροτήματα παρατεινόμενα ἐκ παντὸς τῆς Βουλῆς).

ΡΑΛΛΗΣ. Ἀν ὁ κ. πρόεδρος τῆς Κυβερνήσεως θέλει νὰ ἐπαναλάβῃ τὰς ἀπόψεις τοῦ τοιαύτας, καὶ ἡ ψηφοφορία ἐπιφέρει εἰς τὴν Κυβέρνησιν ἐμπιστοσύνην.

ΠΡΩΘΥΠΟΥΡΓΟΣ. Ἀν ἡ Βουλὴ ψηφίσῃ τὴν πρότασιν τοῦ κ. Ράλλη τότε καὶ εἰς τὴν Κυβέρνησιν συνηθίσθῃ ὁ ἐκ Κρήτης ψῆφος.

καὶ διακηρύττε.

Ὁ κ. ΧΑΤΖΟΠΟΥΛΟΣ ὁρμώμενος ἐκ τῆς Πρωθυπουργοῦ διότι τόσον περιπορρογητικὸς ὡμίλει περὶ τῆς ψήφου τῆς Βουλῆς.

Προσθέτει τινὰ καὶ ὁ κ. ΡΑΛΛΗΣ, μεθ' ὃ ὁ κ. ΠΑΠΑΜΙΧΑΛΟΠΟΥΛΟΣ λέγει ὅτι μετὰ τὴν δήλωσιν τοῦ κ. Πρωθυπουργοῦ περὶ ἀποστολῆς Ἑλληνικοῦ στόλου εἰς Κρήτην, μετὰ τὴν ἐμβόλιμον ἔκφρασιν τόσης χαρᾶς ἐξ ὁλοκλήρου τῆς Βουλῆς καὶ τοῦ λαοῦ, ἐν ὁποῖον τέλεσε τὸ κάλλιστον ἀπὸ τὴν ἐπισήμου ταύτης θέσεως πρὸς τὴν Ἑλληνικὸν λαὸν καὶ πρὸς τὸν ἡρωικὸς Κρήτης: Ζήτω ἡ Ἕνωσις τῆς Κρήτης μετὰ τῆς Ἑλλάδος! (Χειροκροτήματα ἐκλυθῶν τοὺς λόγους τούτους ἐξ ὅλων καὶ ἀριστερῶν τῆς Βουλῆς καὶ τῶν ἀκροατηρίων).

Ὁ κ. ΒΑΛΕΤΤΑΣ φρονεῖ ὅτι μετὰ τὴν τροπὴν ἣν ἔλαβε τὸ ζήτημα καὶ τὴν ψυχολογικὴν συγκίνησιν ὑπὸ τὴν ὁποίαν διατελοῦσιν, ἡ Βουλὴ ὀφείλει νὰ διακόψῃ τὴν συνεδρίασιν.

Καὶ διακόπτεται ἡ συνεδρίασις ἐν μέσῳ χειροκροτημάτων καὶ μεγάλου ἐνθουσιασμοῦ.

ΙΔΙΑΙΤΕΡΟΝ ΤΗΛΕΓΡΑΦΗΜΑ
„ΕΜΠΡΟΣ"
ΔΙΑ ΔΥΟ ΠΟΛΕΜΙΚΩΝ
ΔΥΟ ΧΙΛ. ΓΥΝΑΙΚΟΠΑΙΔΑ

ΜΗΛΟΣ 24 Ἰανουαρίου, ὥρα 11 μ. μ.— Διὰ δύο πολεμικῶν ἀπεβιβάσθησαν 2 χιλιάδες περίπου γυναικόπαιδα προερχόμενα ἐκ Χανίων. Ἡ κατάστασις τῶν ἐκ φρικτή. Ἡ θηριωδία τῶν τούρκων ὑπῆρξεν ἀπαραδειγμάτιστος. Τινὰ τῶν ἀτόμων τούτων εἶνε πληγωμένα. Ἡ διαγωγὴ τοῦ Τουρκικοῦ στρατοῦ αἰσχίστη. Ἀφειδώνουσιν ἐκ πολλοῦ τοὺς φονευθέντας. Ἀνάγκη τροφῶν.

ΔΙΑΔΗΛΩΣΙΣ ΕΝ ΠΑΤΡΑΙΣ
Ὑπὲρ τῆς Κρήτης
(Ἰδιαίτερον τηλεγράφημα τοῦ „Ἐμπρός")

ΠΑΤΡΑΙ 24 Ἰανουαρίου, μεσονύκτιον. Γνωσθεισῶν διὰ τηλεγραφημάτων εἰδήσεων περὶ σφαγῶν ἐν Κρήτῃ καὶ συζητήσεως σήμερον τῆς Βουλῆς χιλιάδες λαοῦ περὶ τὴν 11 τῆς νυκτὸς ἡγουμένης μουσικῆς καὶ ἀπελευθερωτικῶν κρότων μετέβησαν ἐν διαδηλώσει Νομαρχίας, ζητήσαντες ἄμεσον πόλεμον ὑπὲρ Κρήτης.

Νομάρχην προσεφώνησεν ἐπιτυχῶς Ἰω. Ρούβος καὶ ἀνεφώνησεν ὅτι βεβαιώσας ὅτι σύντομον ἐκβλήθη ὁ Κυβερνήσεως καὶ ὁ στρατὸς διὰ τὴν σωτηρίαν τῆς Κρήτης.

Κατόπιν τούτων λαὸς περιηλθὲν πόλιν ζητωκραυγάζων ἐνθουσιωδέστατα κατόπιν προσῆλθεν εἰς τὴν Μητρόπολιν ἔνθα τελεῖται δέησις ὑπὲρ Κρήτης.

ΔΙΑΦΟΡΑ ΚΟΙΝΩΝΙΚΑ

Ἐν μέσῳ οἰκογενειακοῦ κύκλου ἐτελέσθησαν οἱ γάμοι τῆς ἀβρᾶς καὶ χαρίεσσης δεσποινίδος Μαρίκας τῆς γνωστῆς οἰκογενείας Θεοδώρου Σκαλτσᾶ, μετὰ τοῦ ἐκ Πειραιῶς εὐπατρίδου Ἀθ. Βασιλείου Μαλκάκου.

Ἐν Σύρῳ ὁ κ. Γεώργιος Δούκας ἔλαβεν σύζυγον τὴν εὐγενῆ δεσποινίδα Καλλιόπην Ἀνέστη Δανιήλου ἀνεψιάν, ἐκ τῆς Ἐρμουπόλεως.

Ἀπήλθεν πρὸς τὸ Σχολεῖον — Ἀννα Ἀρχανιωτάκη.

Πάθους μακρῶν ἡμερῶν, ἀπέθανεν ἡ δεσποινὶς Ἀννα Μερύκατα.

Ἐπελάβετο ἐν Τριπόλει, οἱ γάμοι τοῦ κ. Γεωργίου Π. Ἀλεξίου ἐμπόρου μετὰ τῆς δεσποινίδος Μαργαρίτας τοῦ κ. Σ. Φ. Ἀγγελίδου ἐμπόρου.

Παν. Σταυρόπουλος
ΤΟ ΔΙΗΓΗΜΑ ΤΗΣ ΗΜΕΡΑΣ
ΣΥΖΥΓΟΣ
ΑΛΗΘΩΣ ΑΦΗΡΗΜΕΝΟΣ

Ὅταν οἱ ταξειδιῶται ἐγκαταλείπωσι τὸ ξενοδοχεῖον ὅπου παρέμειναν ἡμέρας τινάς, συνήθως συμβαίνει νὰ μὴ λησμονήσωσι ἐντὸς τῶν ἑρμαρίων, ἢ ἐντὸς τῶν συρταρίων πίνα ἄχρηστα πραγματικῶς.

Διὰ τοὺς ὑπηρέτας εἶνε τοῦτο πηγὴ μικρῶν κερδῶν. Ἀλλὰ σπανίως τὸ πρωτότυπον τοῖς ἐγκαταλείπουν τὸν αὐτὸν ὑπῆρξεν ἐκ μεγάλης ἀξίας!
